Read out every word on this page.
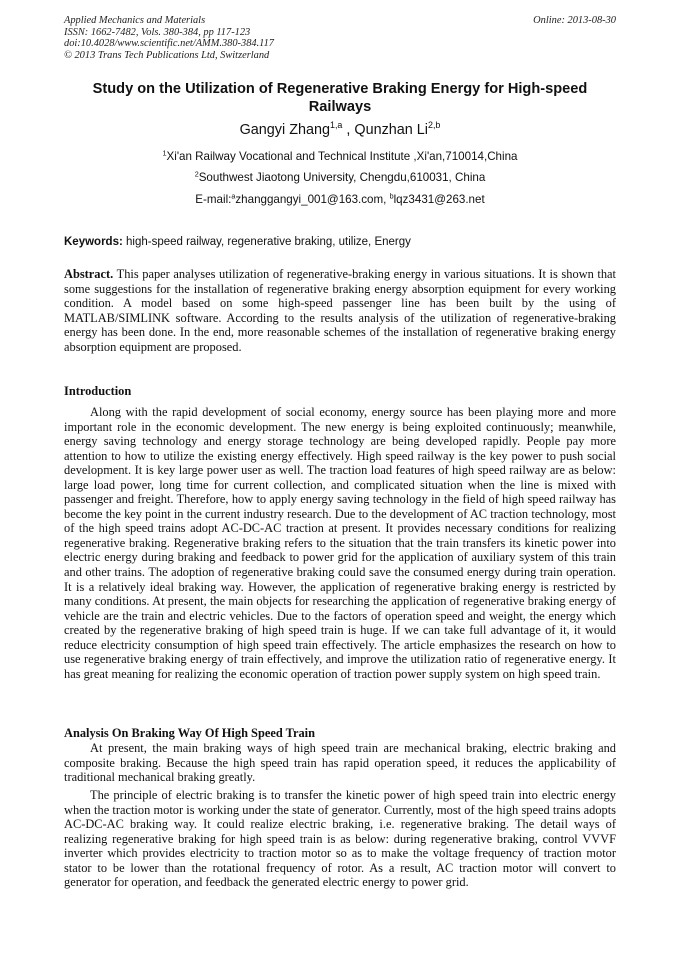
Applied Mechanics and Materials
ISSN: 1662-7482, Vols. 380-384, pp 117-123
doi:10.4028/www.scientific.net/AMM.380-384.117
© 2013 Trans Tech Publications Ltd, Switzerland
Online: 2013-08-30
Study on the Utilization of Regenerative Braking Energy for High-speed Railways
Gangyi Zhang$^{1,a}$ , Qunzhan Li$^{2,b}$
$^1$Xi'an Railway Vocational and Technical Institute ,Xi'an,710014,China
$^2$Southwest Jiaotong University, Chengdu,610031, China
E-mail:$^a$zhanggangyi_001@163.com, $^b$lqz3431@263.net
Keywords: high-speed railway, regenerative braking, utilize, Energy
Abstract. This paper analyses utilization of regenerative-braking energy in various situations. It is shown that some suggestions for the installation of regenerative braking energy absorption equipment for every working condition. A model based on some high-speed passenger line has been built by the using of MATLAB/SIMLINK software. According to the results analysis of the utilization of regenerative-braking energy has been done. In the end, more reasonable schemes of the installation of regenerative braking energy absorption equipment are proposed.
Introduction

Along with the rapid development of social economy, energy source has been playing more and more important role in the economic development. The new energy is being exploited continuously; meanwhile, energy saving technology and energy storage technology are being developed rapidly. People pay more attention to how to utilize the existing energy effectively. High speed railway is the key power to push social development. It is key large power user as well. The traction load features of high speed railway are as below: large load power, long time for current collection, and complicated situation when the line is mixed with passenger and freight. Therefore, how to apply energy saving technology in the field of high speed railway has become the key point in the current industry research. Due to the development of AC traction technology, most of the high speed trains adopt AC-DC-AC traction at present. It provides necessary conditions for realizing regenerative braking. Regenerative braking refers to the situation that the train transfers its kinetic power into electric energy during braking and feedback to power grid for the application of auxiliary system of this train and other trains. The adoption of regenerative braking could save the consumed energy during train operation. It is a relatively ideal braking way. However, the application of regenerative braking energy is restricted by many conditions. At present, the main objects for researching the application of regenerative braking energy of vehicle are the train and electric vehicles. Due to the factors of operation speed and weight, the energy which created by the regenerative braking of high speed train is huge. If we can take full advantage of it, it would reduce electricity consumption of high speed train effectively. The article emphasizes the research on how to use regenerative braking energy of train effectively, and improve the utilization ratio of regenerative energy. It has great meaning for realizing the economic operation of traction power supply system on high speed train.

Analysis On Braking Way Of High Speed Train

At present, the main braking ways of high speed train are mechanical braking, electric braking and composite braking. Because the high speed train has rapid operation speed, it reduces the applicability of traditional mechanical braking greatly.

The principle of electric braking is to transfer the kinetic power of high speed train into electric energy when the traction motor is working under the state of generator. Currently, most of the high speed trains adopts AC-DC-AC braking way. It could realize electric braking, i.e. regenerative braking. The detail ways of realizing regenerative braking for high speed train is as below: during regenerative braking, control VVVF inverter which provides electricity to traction motor so as to make the voltage frequency of traction motor stator to be lower than the rotational frequency of rotor. As a result, AC traction motor will convert to generator for operation, and feedback the generated electric energy to power grid.
